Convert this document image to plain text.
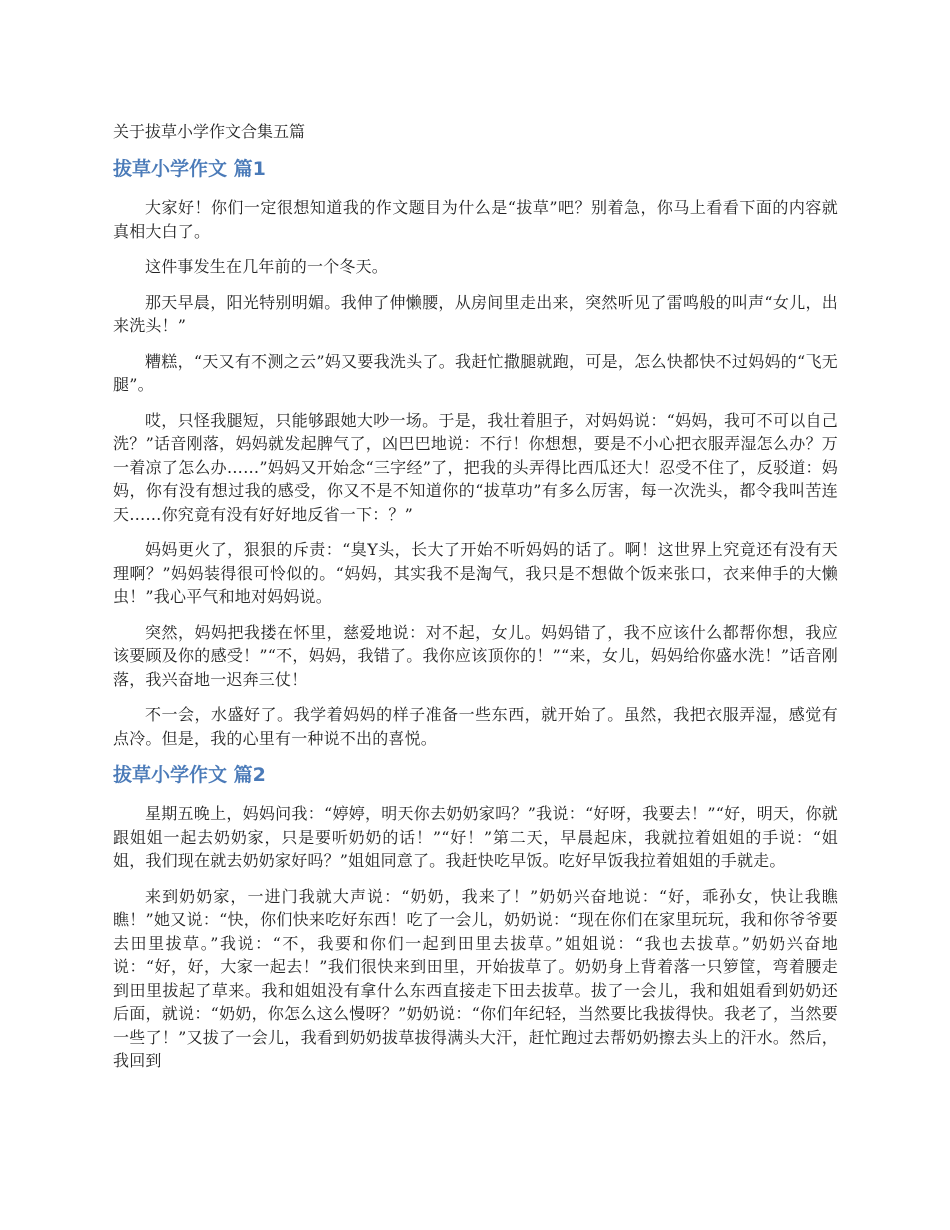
关于拔草小学作文合集五篇
拔草小学作文 篇1

大家好！你们一定很想知道我的作文题目为什么是“拔草”吧？别着急，你马上看看下面的内容就真相大白了。

这件事发生在几年前的一个冬天。

那天早晨，阳光特别明媚。我伸了伸懒腰，从房间里走出来，突然听见了雷鸣般的叫声“女儿，出来洗头！”

糟糕，“天又有不测之云”妈又要我洗头了。我赶忙撒腿就跑，可是，怎么快都快不过妈妈的“飞无腿”。

哎，只怪我腿短，只能够跟她大吵一场。于是，我壮着胆子，对妈妈说：“妈妈，我可不可以自己洗？”话音刚落，妈妈就发起脾气了，凶巴巴地说：不行！你想想，要是不小心把衣服弄湿怎么办？万一着凉了怎么办……”妈妈又开始念“三字经”了，把我的头弄得比西瓜还大！忍受不住了，反驳道：妈妈，你有没有想过我的感受，你又不是不知道你的“拔草功”有多么厉害，每一次洗头，都令我叫苦连天……你究竟有没有好好地反省一下：？”

妈妈更火了，狠狠的斥责：“臭Y头，长大了开始不听妈妈的话了。啊！这世界上究竟还有没有天理啊？”妈妈装得很可怜似的。“妈妈，其实我不是淘气，我只是不想做个饭来张口，衣来伸手的大懒虫！”我心平气和地对妈妈说。

突然，妈妈把我搂在怀里，慈爱地说：对不起，女儿。妈妈错了，我不应该什么都帮你想，我应该要顾及你的感受！”“不，妈妈，我错了。我你应该顶你的！”“来，女儿，妈妈给你盛水洗！”话音刚落，我兴奋地一迟奔三仗！

不一会，水盛好了。我学着妈妈的样子准备一些东西，就开始了。虽然，我把衣服弄湿，感觉有点冷。但是，我的心里有一种说不出的喜悦。

拔草小学作文 篇2

星期五晚上，妈妈问我：“婷婷，明天你去奶奶家吗？”我说：“好呀，我要去！”“好，明天，你就跟姐姐一起去奶奶家，只是要听奶奶的话！”“好！”第二天，早晨起床，我就拉着姐姐的手说：“姐姐，我们现在就去奶奶家好吗？”姐姐同意了。我赶快吃早饭。吃好早饭我拉着姐姐的手就走。

来到奶奶家，一进门我就大声说：“奶奶，我来了！”奶奶兴奋地说：“好，乖孙女，快让我瞧瞧！”她又说：“快，你们快来吃好东西！吃了一会儿，奶奶说：“现在你们在家里玩玩，我和你爷爷要去田里拔草。”我说：“不，我要和你们一起到田里去拔草。”姐姐说：“我也去拔草。”奶奶兴奋地说：“好，好，大家一起去！”我们很快来到田里，开始拔草了。奶奶身上背着落一只箩筐，弯着腰走到田里拔起了草来。我和姐姐没有拿什么东西直接走下田去拔草。拔了一会儿，我和姐姐看到奶奶还后面，就说：“奶奶，你怎么这么慢呀？”奶奶说：“你们年纪轻，当然要比我拔得快。我老了，当然要一些了！”又拔了一会儿，我看到奶奶拔草拔得满头大汗，赶忙跑过去帮奶奶擦去头上的汗水。然后，我回到
